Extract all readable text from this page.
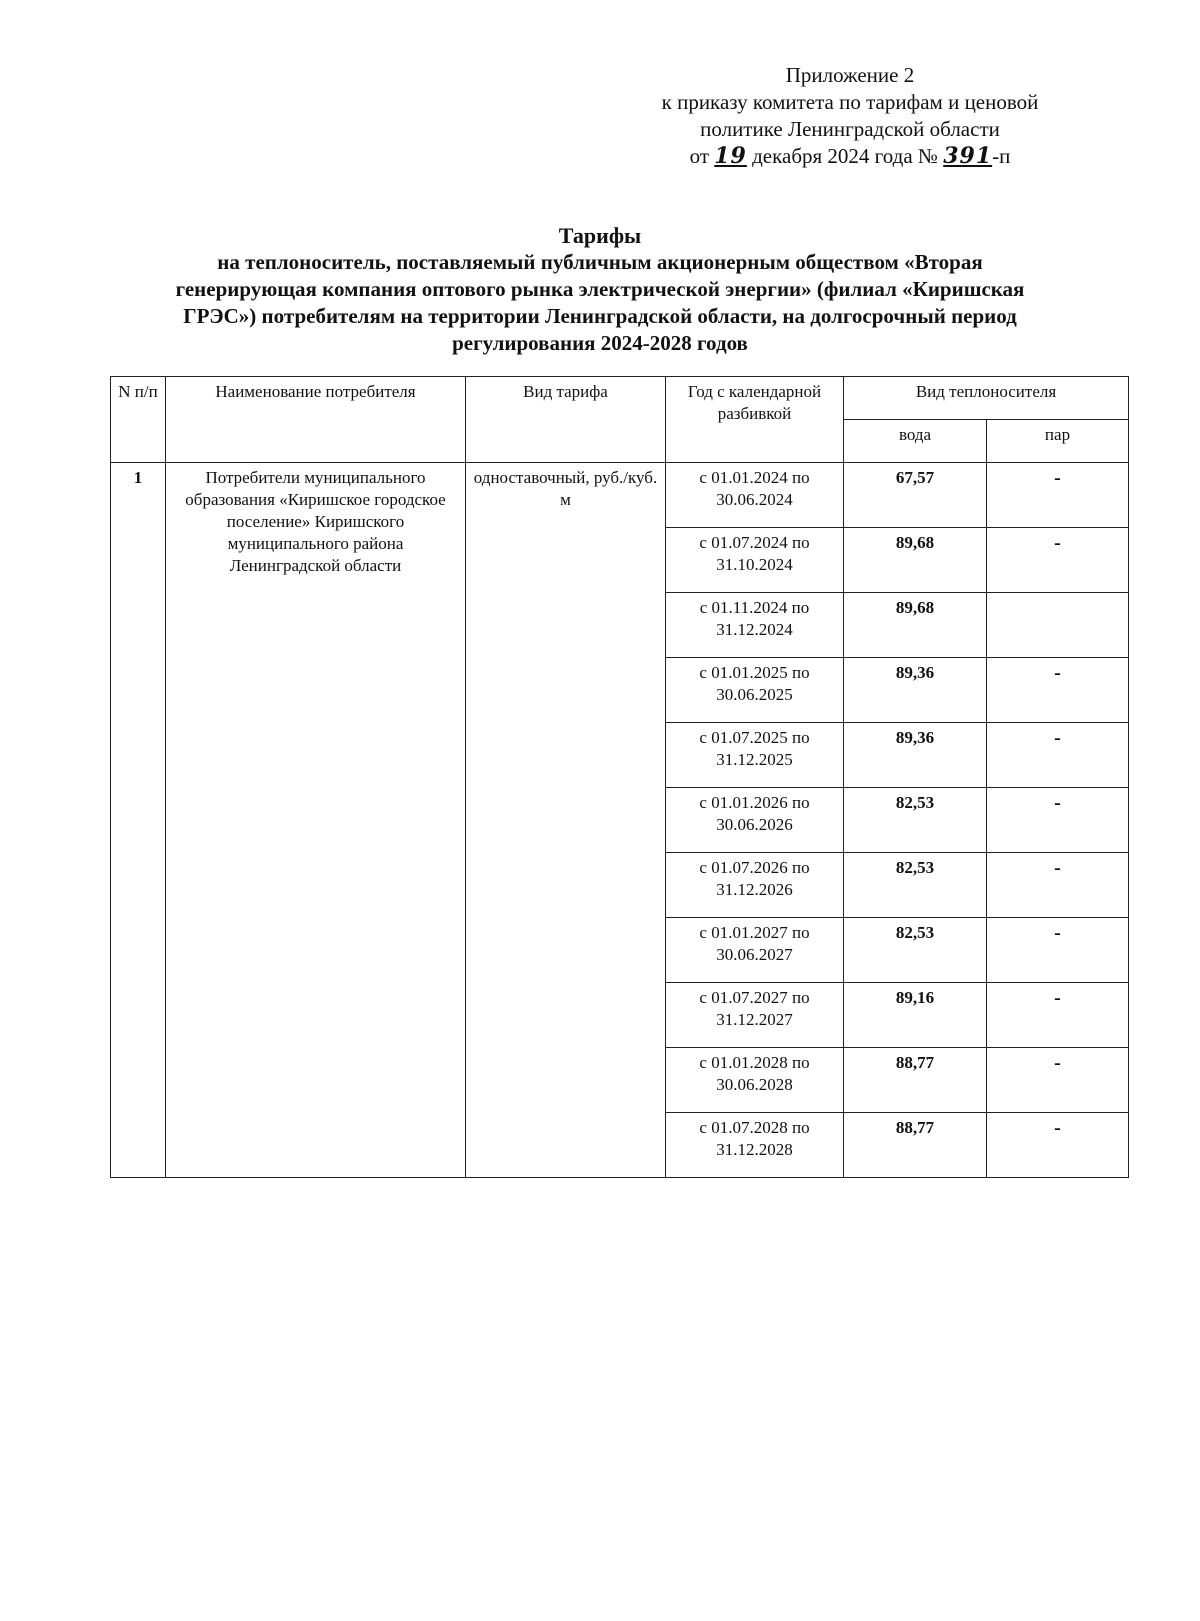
Приложение 2
к приказу комитета по тарифам и ценовой
политике Ленинградской области
от 19 декабря 2024 года № 391-п
Тарифы
на теплоноситель, поставляемый публичным акционерным обществом «Вторая
генерирующая компания оптового рынка электрической энергии» (филиал «Киришская
ГРЭС») потребителям на территории Ленинградской области, на долгосрочный период
регулирования 2024-2028 годов
N п/п	Наименование потребителя	Вид тарифа	Год с календарной разбивкой	Вид теплоносителя	
				вода	пар
1	Потребители муниципального образования «Киришское городское поселение» Киришского муниципального района Ленинградской области	одноставочный, руб./куб. м	с 01.01.2024 по 30.06.2024	67,57	-
			с 01.07.2024 по 31.10.2024	89,68	-
			с 01.11.2024 по 31.12.2024	89,68	
			с 01.01.2025 по 30.06.2025	89,36	-
			с 01.07.2025 по 31.12.2025	89,36	-
			с 01.01.2026 по 30.06.2026	82,53	-
			с 01.07.2026 по 31.12.2026	82,53	-
			с 01.01.2027 по 30.06.2027	82,53	-
			с 01.07.2027 по 31.12.2027	89,16	-
			с 01.01.2028 по 30.06.2028	88,77	-
			с 01.07.2028 по 31.12.2028	88,77	-
